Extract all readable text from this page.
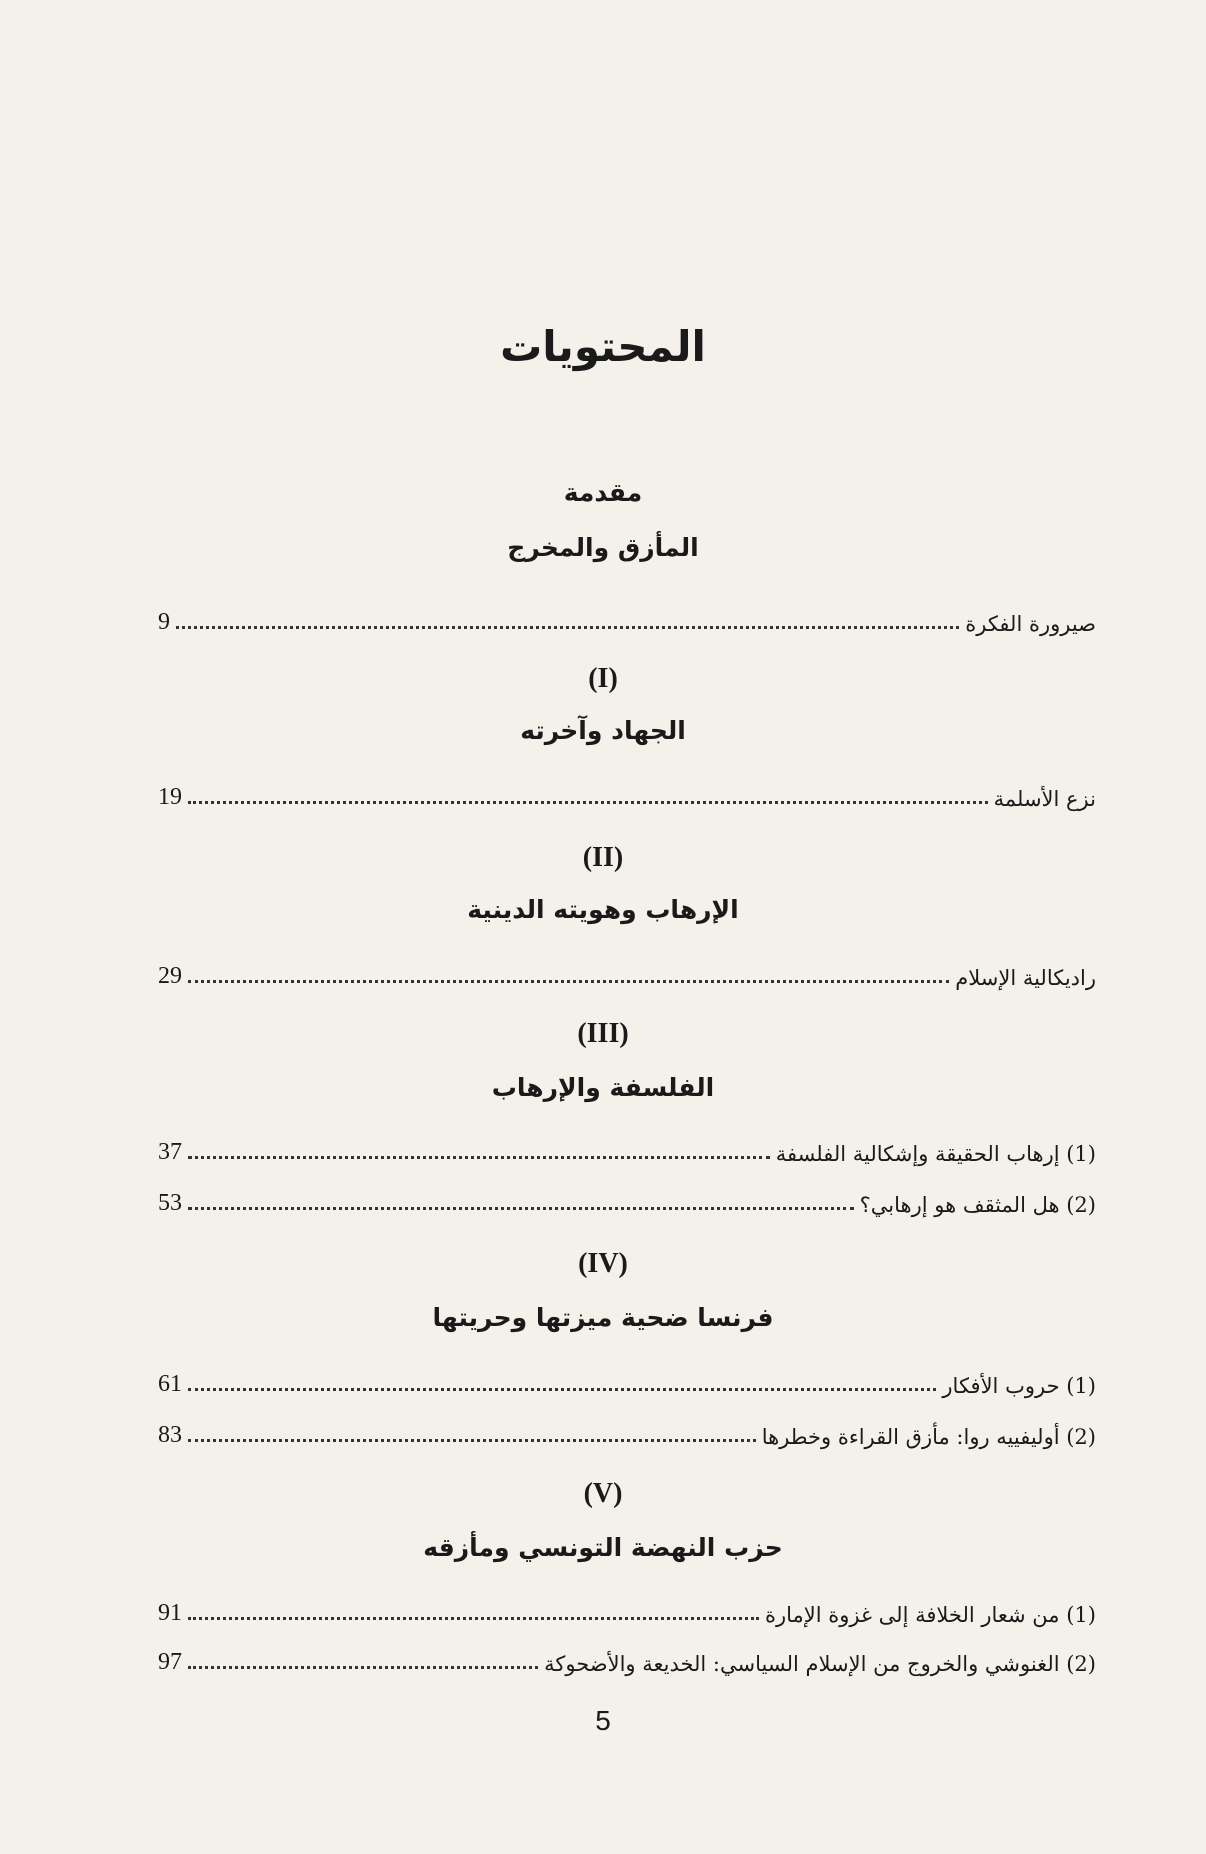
المحتويات
مقدمة
المأزق والمخرج
صيرورة الفكرة
9
(I)
الجهاد وآخرته
نزع الأسلمة
19
(II)
الإرهاب وهويته الدينية
راديكالية الإسلام
29
(III)
الفلسفة والإرهاب
(1) إرهاب الحقيقة وإشكالية الفلسفة
37
(2) هل المثقف هو إرهابي؟
53
(IV)
فرنسا ضحية ميزتها وحريتها
(1) حروب الأفكار
61
(2) أوليفييه روا: مأزق القراءة وخطرها
83
(V)
حزب النهضة التونسي ومأزقه
(1) من شعار الخلافة إلى غزوة الإمارة
91
(2) الغنوشي والخروج من الإسلام السياسي: الخديعة والأضحوكة
97
5
